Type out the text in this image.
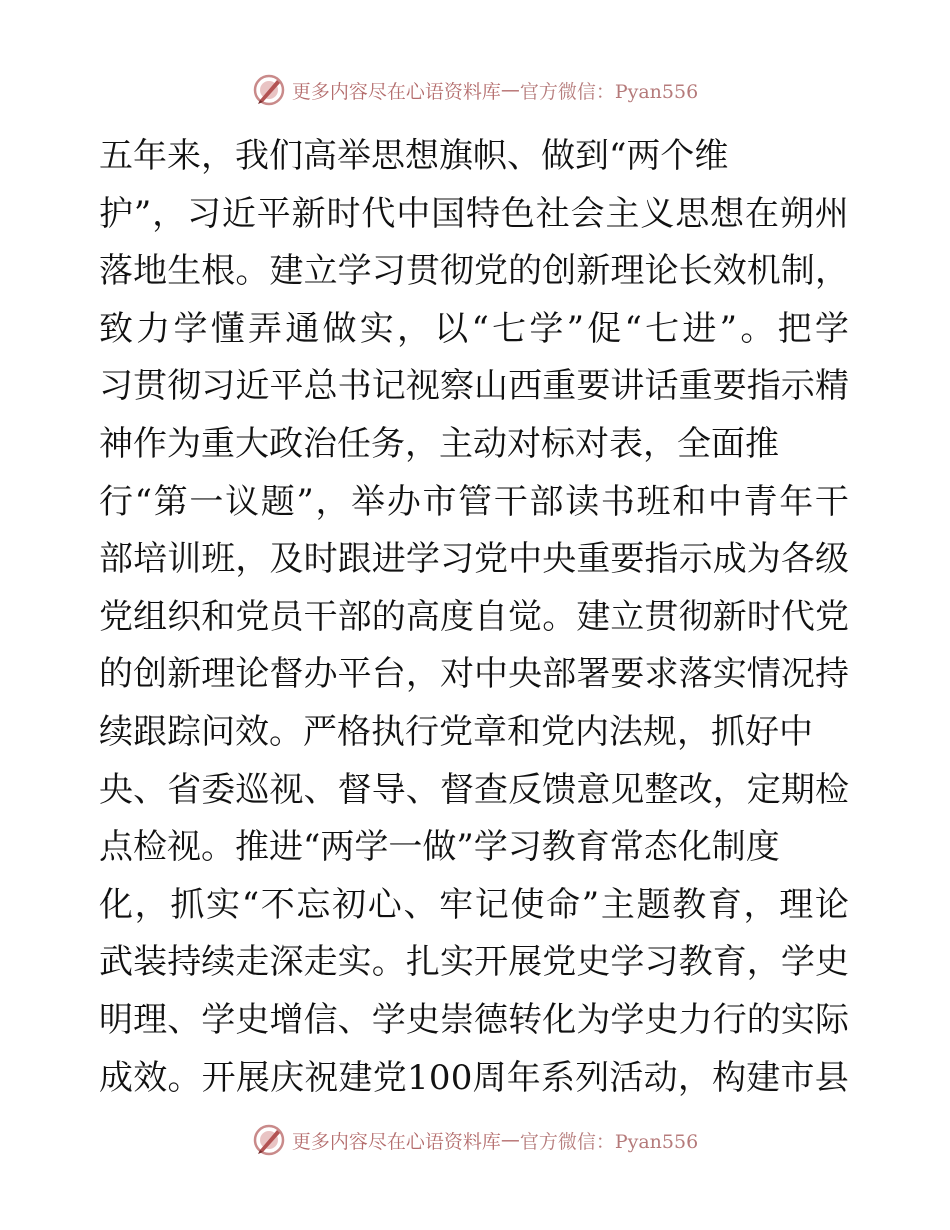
更多内容尽在心语资料库 — 官方微信：Pyan556
五年来，我们高举思想旗帜、做到“两个维
护 ” ， 习 近 平 新 时 代 中 国 特 色 社 会 主 义 思 想 在 朔 州
落 地 生 根 。 建 立 学 习 贯 彻 党 的 创 新 理 论 长 效 机 制 ，
致 力 学 懂 弄 通 做 实 ， 以 “ 七 学 ” 促 “ 七 进 ” 。 把 学
习 贯 彻 习 近 平 总 书 记 视 察 山 西 重 要 讲 话 重 要 指 示 精
神作为重大政治任务，主动对标对表，全面推
行 “ 第 一 议 题 ” ， 举 办 市 管 干 部 读 书 班 和 中 青 年 干
部 培 训 班 ， 及 时 跟 进 学 习 党 中 央 重 要 指 示 成 为 各 级
党 组 织 和 党 员 干 部 的 高 度 自 觉 。 建 立 贯 彻 新 时 代 党
的 创 新 理 论 督 办 平 台 ， 对 中 央 部 署 要 求 落 实 情 况 持
续跟踪问效。严格执行党章和党内法规，抓好中
央 、 省 委 巡 视 、 督 导 、 督 查 反 馈 意 见 整 改 ， 定 期 检
点检视。推进“两学一做”学习教育常态化制度
化 ， 抓 实 “ 不 忘 初 心 、 牢 记 使 命 ” 主 题 教 育 ， 理 论
武 装 持 续 走 深 走 实 。 扎 实 开 展 党 史 学 习 教 育 ， 学 史
明 理 、 学 史 增 信 、 学 史 崇 德 转 化 为 学 史 力 行 的 实 际
成 效 。 开 展 庆 祝 建 党 1 0 0 周 年 系 列 活 动 ， 构 建 市 县
更多内容尽在心语资料库 — 官方微信：Pyan556
